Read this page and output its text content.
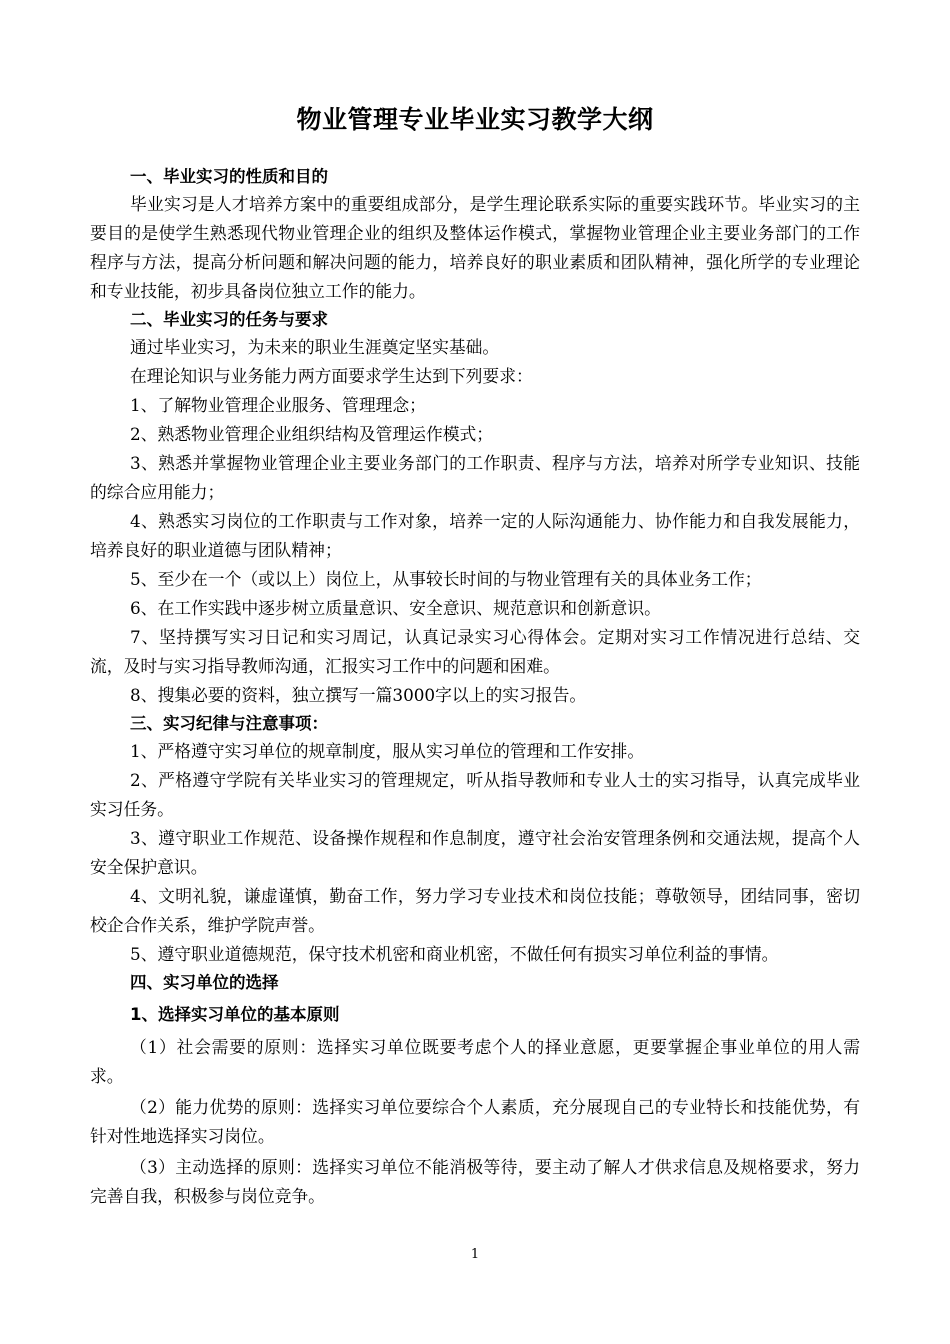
物业管理专业毕业实习教学大纲
一、毕业实习的性质和目的

毕业实习是人才培养方案中的重要组成部分，是学生理论联系实际的重要实践环节。毕业实习的主要目的是使学生熟悉现代物业管理企业的组织及整体运作模式，掌握物业管理企业主要业务部门的工作程序与方法，提高分析问题和解决问题的能力，培养良好的职业素质和团队精神，强化所学的专业理论和专业技能，初步具备岗位独立工作的能力。

二、毕业实习的任务与要求

通过毕业实习，为未来的职业生涯奠定坚实基础。

在理论知识与业务能力两方面要求学生达到下列要求：

1、了解物业管理企业服务、管理理念；

2、熟悉物业管理企业组织结构及管理运作模式；

3、熟悉并掌握物业管理企业主要业务部门的工作职责、程序与方法，培养对所学专业知识、技能的综合应用能力；

4、熟悉实习岗位的工作职责与工作对象，培养一定的人际沟通能力、协作能力和自我发展能力，培养良好的职业道德与团队精神；

5、至少在一个（或以上）岗位上，从事较长时间的与物业管理有关的具体业务工作；

6、在工作实践中逐步树立质量意识、安全意识、规范意识和创新意识。

7、坚持撰写实习日记和实习周记，认真记录实习心得体会。定期对实习工作情况进行总结、交流，及时与实习指导教师沟通，汇报实习工作中的问题和困难。

8、搜集必要的资料，独立撰写一篇3000字以上的实习报告。

三、实习纪律与注意事项：

1、严格遵守实习单位的规章制度，服从实习单位的管理和工作安排。

2、严格遵守学院有关毕业实习的管理规定，听从指导教师和专业人士的实习指导，认真完成毕业实习任务。

3、遵守职业工作规范、设备操作规程和作息制度，遵守社会治安管理条例和交通法规，提高个人安全保护意识。

4、文明礼貌，谦虚谨慎，勤奋工作，努力学习专业技术和岗位技能；尊敬领导，团结同事，密切校企合作关系，维护学院声誉。

5、遵守职业道德规范，保守技术机密和商业机密，不做任何有损实习单位利益的事情。

四、实习单位的选择
1、选择实习单位的基本原则

（1）社会需要的原则：选择实习单位既要考虑个人的择业意愿，更要掌握企事业单位的用人需求。

（2）能力优势的原则：选择实习单位要综合个人素质，充分展现自己的专业特长和技能优势，有针对性地选择实习岗位。

（3）主动选择的原则：选择实习单位不能消极等待，要主动了解人才供求信息及规格要求，努力完善自我，积极参与岗位竞争。

1
